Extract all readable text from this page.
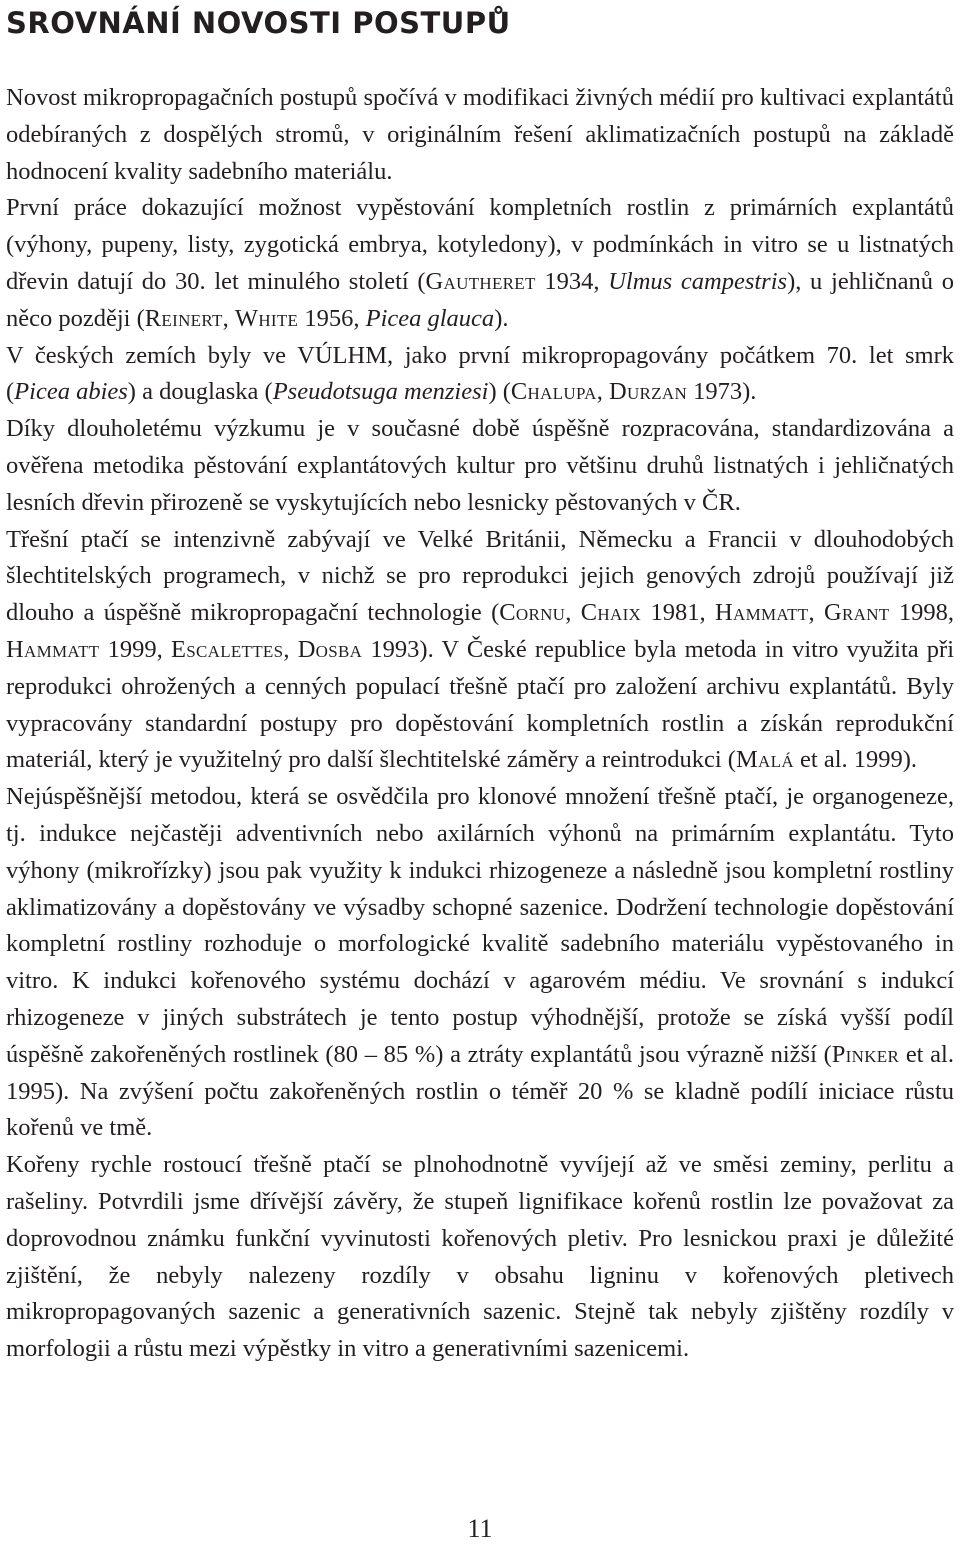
SROVNÁNÍ NOVOSTI POSTUPŮ

Novost mikropropagačních postupů spočívá v modifikaci živných médií pro kultivaci explantátů odebíraných z dospělých stromů, v originálním řešení aklimatizačních postupů na základě hodnocení kvality sadebního materiálu.

První práce dokazující možnost vypěstování kompletních rostlin z primárních explantátů (výhony, pupeny, listy, zygotická embrya, kotyledony), v podmínkách in vitro se u listnatých dřevin datují do 30. let minulého století (Gautheret 1934, Ulmus campestris), u jehličnanů o něco později (Reinert, White 1956, Picea glauca).

V českých zemích byly ve VÚLHM, jako první mikropropagovány počátkem 70. let smrk (Picea abies) a douglaska (Pseudotsuga menziesi) (Chalupa, Durzan 1973).

Díky dlouholetému výzkumu je v současné době úspěšně rozpracována, standardizována a ověřena metodika pěstování explantátových kultur pro většinu druhů listnatých i jehličnatých lesních dřevin přirozeně se vyskytujících nebo lesnicky pěstovaných v ČR.

Třešní ptačí se intenzivně zabývají ve Velké Británii, Německu a Francii v dlouhodobých šlechtitelských programech, v nichž se pro reprodukci jejich genových zdrojů používají již dlouho a úspěšně mikropropagační technologie (Cornu, Chaix 1981, Hammatt, Grant 1998, Hammatt 1999, Escalettes, Dosba 1993). V České republice byla metoda in vitro využita při reprodukci ohrožených a cenných populací třešně ptačí pro založení archivu explantátů. Byly vypracovány standardní postupy pro dopěstování kompletních rostlin a získán reprodukční materiál, který je využitelný pro další šlechtitelské záměry a reintrodukci (Malá et al. 1999).

Nejúspěšnější metodou, která se osvědčila pro klonové množení třešně ptačí, je organogeneze, tj. indukce nejčastěji adventivních nebo axilárních výhonů na primárním explantátu. Tyto výhony (mikrořízky) jsou pak využity k indukci rhizogeneze a následně jsou kompletní rostliny aklimatizovány a dopěstovány ve výsadby schopné sazenice. Dodržení technologie dopěstování kompletní rostliny rozhoduje o morfologické kvalitě sadebního materiálu vypěstovaného in vitro. K indukci kořenového systému dochází v agarovém médiu. Ve srovnání s indukcí rhizogeneze v jiných substrátech je tento postup výhodnější, protože se získá vyšší podíl úspěšně zakořeněných rostlinek (80 – 85 %) a ztráty explantátů jsou výrazně nižší (Pinker et al. 1995). Na zvýšení počtu zakořeněných rostlin o téměř 20 % se kladně podílí iniciace růstu kořenů ve tmě.

Kořeny rychle rostoucí třešně ptačí se plnohodnotně vyvíjejí až ve směsi zeminy, perlitu a rašeliny. Potvrdili jsme dřívější závěry, že stupeň lignifikace kořenů rostlin lze považovat za doprovodnou známku funkční vyvinutosti kořenových pletiv. Pro lesnickou praxi je důležité zjištění, že nebyly nalezeny rozdíly v obsahu ligninu v kořenových pletivech mikropropagovaných sazenic a generativních sazenic. Stejně tak nebyly zjištěny rozdíly v morfologii a růstu mezi výpěstky in vitro a generativními sazenicemi.

11
